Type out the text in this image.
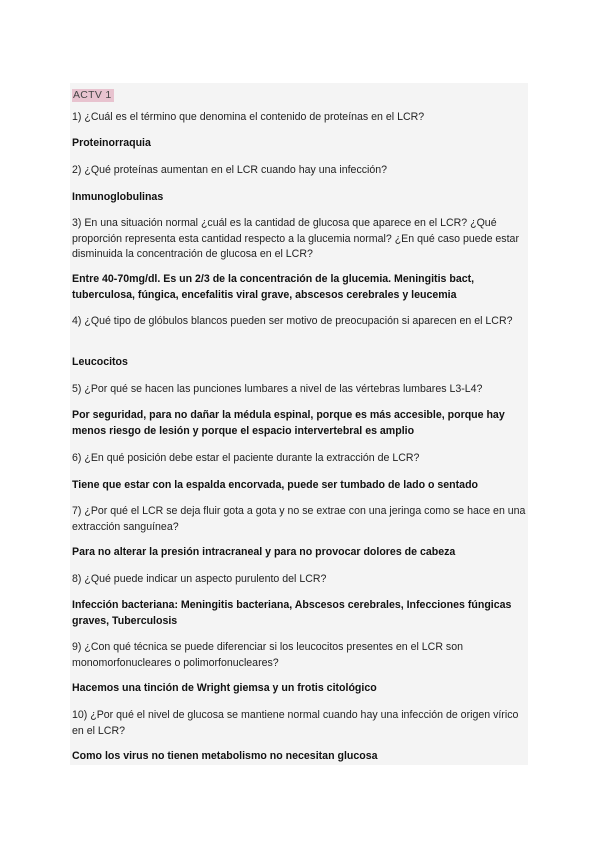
ACTV 1
1) ¿Cuál es el término que denomina el contenido de proteínas en el LCR?
Proteinorraquia
2) ¿Qué proteínas aumentan en el LCR cuando hay una infección?
Inmunoglobulinas
3) En una situación normal ¿cuál es la cantidad de glucosa que aparece en el LCR? ¿Qué proporción representa esta cantidad respecto a la glucemia normal? ¿En qué caso puede estar disminuida la concentración de glucosa en el LCR?
Entre 40-70mg/dl. Es un 2/3 de la concentración de la glucemia. Meningitis bact, tuberculosa, fúngica, encefalitis viral grave, abscesos cerebrales y leucemia
4) ¿Qué tipo de glóbulos blancos pueden ser motivo de preocupación si aparecen en el LCR?
Leucocitos
5) ¿Por qué se hacen las punciones lumbares a nivel de las vértebras lumbares L3-L4?
Por seguridad, para no dañar la médula espinal, porque es más accesible, porque hay menos riesgo de lesión y porque el espacio intervertebral es amplio
6) ¿En qué posición debe estar el paciente durante la extracción de LCR?
Tiene que estar con la espalda encorvada, puede ser tumbado de lado o sentado
7) ¿Por qué el LCR se deja fluir gota a gota y no se extrae con una jeringa como se hace en una extracción sanguínea?
Para no alterar la presión intracraneal y para no provocar dolores de cabeza
8) ¿Qué puede indicar un aspecto purulento del LCR?
Infección bacteriana: Meningitis bacteriana, Abscesos cerebrales, Infecciones fúngicas graves, Tuberculosis
9) ¿Con qué técnica se puede diferenciar si los leucocitos presentes en el LCR son monomorfonucleares o polimorfonucleares?
Hacemos una tinción de Wright giemsa y un frotis citológico
10) ¿Por qué el nivel de glucosa se mantiene normal cuando hay una infección de origen vírico en el LCR?
Como los virus no tienen metabolismo no necesitan glucosa
